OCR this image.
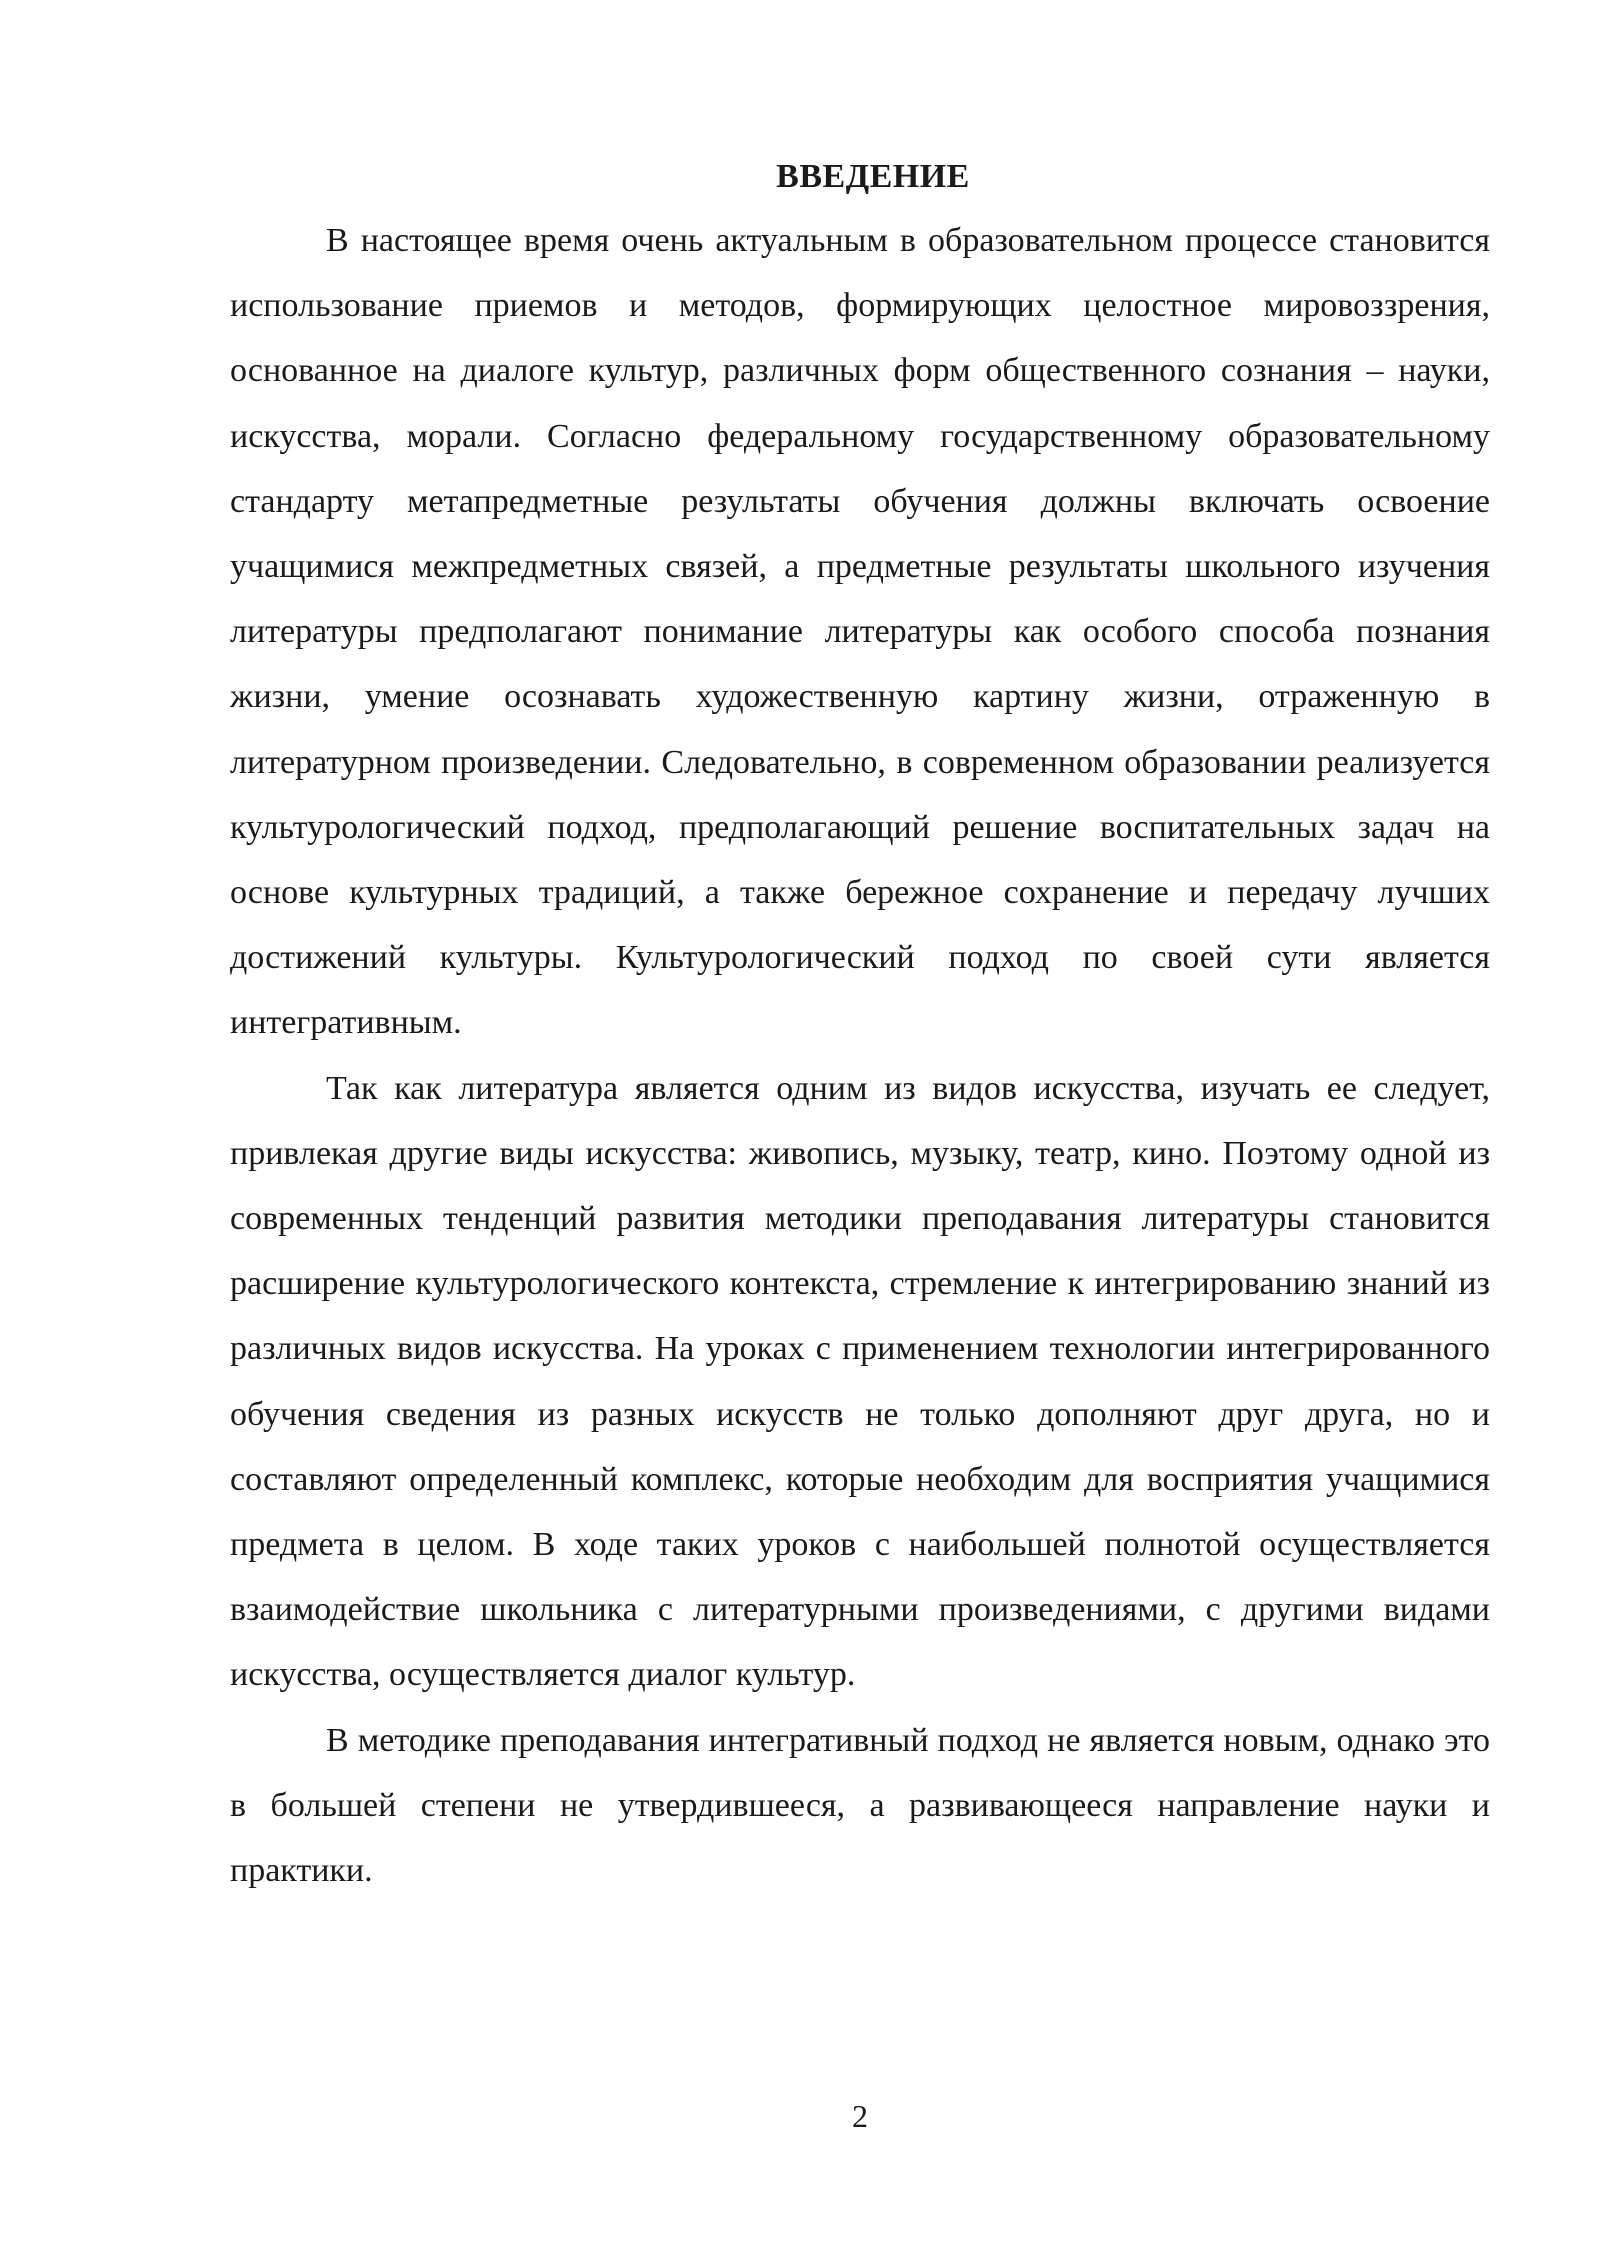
ВВЕДЕНИЕ

В настоящее время очень актуальным в образовательном процессе становится использование приемов и методов, формирующих целостное мировоззрения, основанное на диалоге культур, различных форм общественного сознания – науки, искусства, морали. Согласно федеральному государственному образовательному стандарту метапредметные результаты обучения должны включать освоение учащимися межпредметных связей, а предметные результаты школьного изучения литературы предполагают понимание литературы как особого способа познания жизни, умение осознавать художественную картину жизни, отраженную в литературном произведении. Следовательно, в современном образовании реализуется культурологический подход, предполагающий решение воспитательных задач на основе культурных традиций, а также бережное сохранение и передачу лучших достижений культуры. Культурологический подход по своей сути является интегративным.

Так как литература является одним из видов искусства, изучать ее следует, привлекая другие виды искусства: живопись, музыку, театр, кино. Поэтому одной из современных тенденций развития методики преподавания литературы становится расширение культурологического контекста, стремление к интегрированию знаний из различных видов искусства. На уроках с применением технологии интегрированного обучения сведения из разных искусств не только дополняют друг друга, но и составляют определенный комплекс, которые необходим для восприятия учащимися предмета в целом. В ходе таких уроков с наибольшей полнотой осуществляется взаимодействие школьника с литературными произведениями, с другими видами искусства, осуществляется диалог культур.

В методике преподавания интегративный подход не является новым, однако это в большей степени не утвердившееся, а развивающееся направление науки и практики.

2
